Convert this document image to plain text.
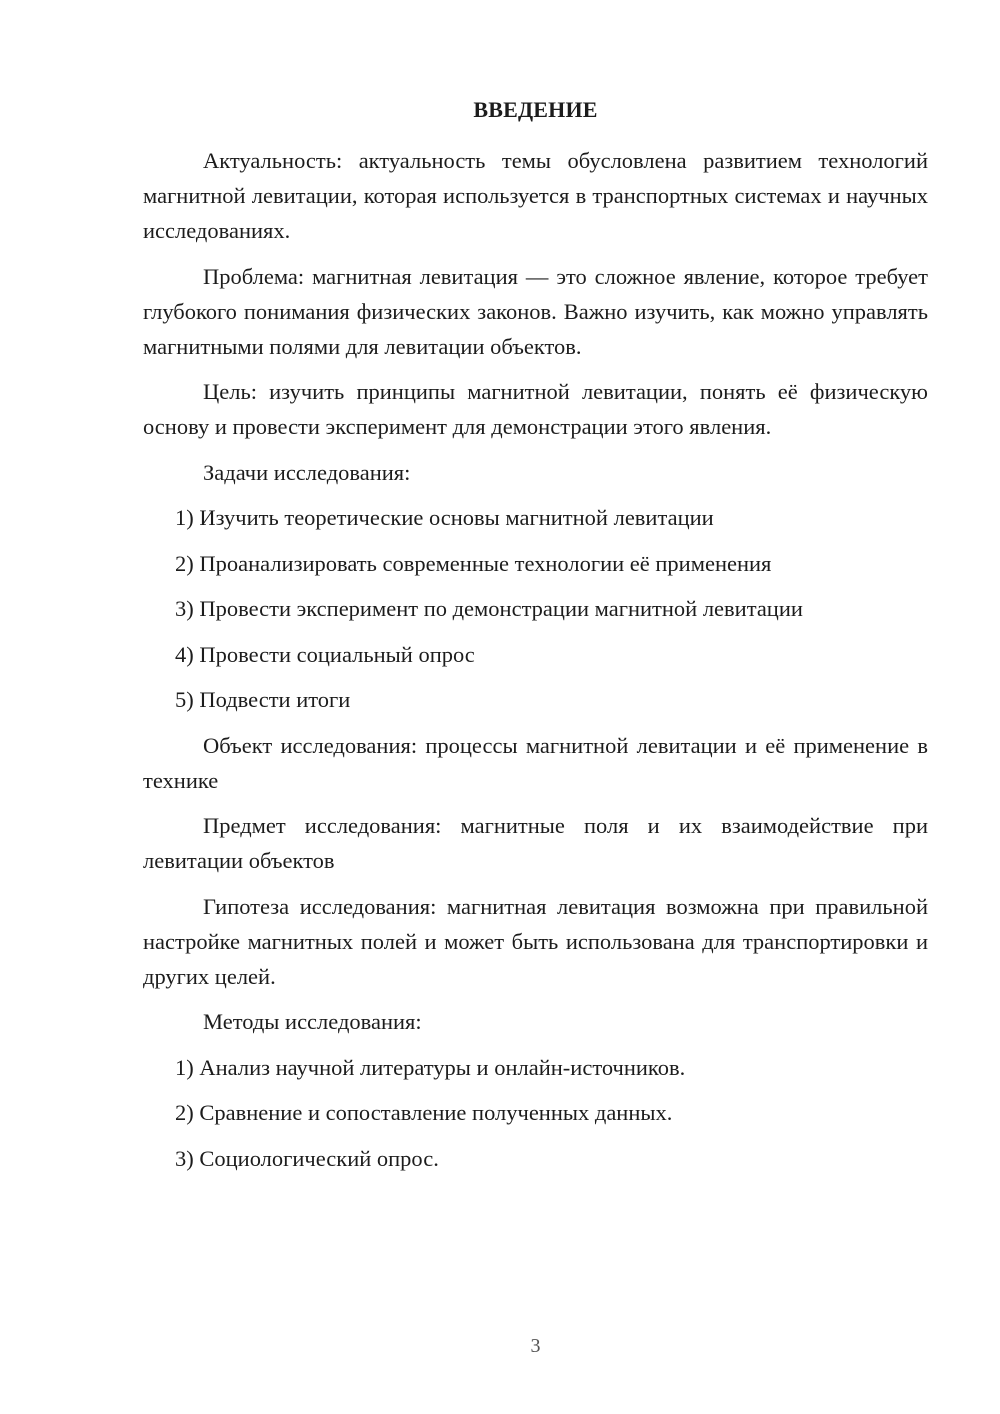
ВВЕДЕНИЕ

Актуальность: актуальность темы обусловлена развитием технологий магнитной левитации, которая используется в транспортных системах и научных исследованиях.

Проблема: магнитная левитация — это сложное явление, которое требует глубокого понимания физических законов. Важно изучить, как можно управлять магнитными полями для левитации объектов.

Цель: изучить принципы магнитной левитации, понять её физическую основу и провести эксперимент для демонстрации этого явления.

Задачи исследования:

1) Изучить теоретические основы магнитной левитации
2) Проанализировать современные технологии её применения
3) Провести эксперимент по демонстрации магнитной левитации
4) Провести социальный опрос
5) Подвести итоги

Объект исследования: процессы магнитной левитации и её применение в технике

Предмет исследования: магнитные поля и их взаимодействие при левитации объектов

Гипотеза исследования: магнитная левитация возможна при правильной настройке магнитных полей и может быть использована для транспортировки и других целей.

Методы исследования:

1) Анализ научной литературы и онлайн-источников.
2) Сравнение и сопоставление полученных данных.
3) Социологический опрос.
3
